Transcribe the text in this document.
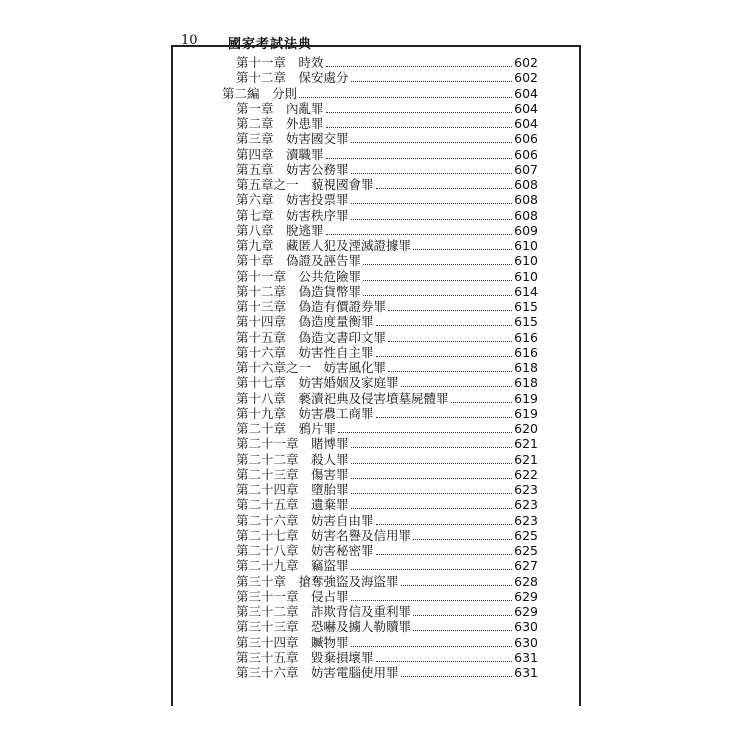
10 國家考試法典
第十一章　時效	602
第十二章　保安處分	602
第二編　分則	604
第一章　內亂罪	604
第二章　外患罪	604
第三章　妨害國交罪	606
第四章　瀆職罪	606
第五章　妨害公務罪	607
第五章之一　藐視國會罪	608
第六章　妨害投票罪	608
第七章　妨害秩序罪	608
第八章　脫逃罪	609
第九章　藏匿人犯及湮滅證據罪	610
第十章　偽證及誣告罪	610
第十一章　公共危險罪	610
第十二章　偽造貨幣罪	614
第十三章　偽造有價證券罪	615
第十四章　偽造度量衡罪	615
第十五章　偽造文書印文罪	616
第十六章　妨害性自主罪	616
第十六章之一　妨害風化罪	618
第十七章　妨害婚姻及家庭罪	618
第十八章　褻瀆祀典及侵害墳墓屍體罪	619
第十九章　妨害農工商罪	619
第二十章　鴉片罪	620
第二十一章　賭博罪	621
第二十二章　殺人罪	621
第二十三章　傷害罪	622
第二十四章　墮胎罪	623
第二十五章　遺棄罪	623
第二十六章　妨害自由罪	623
第二十七章　妨害名譽及信用罪	625
第二十八章　妨害秘密罪	625
第二十九章　竊盜罪	627
第三十章　搶奪強盜及海盜罪	628
第三十一章　侵占罪	629
第三十二章　詐欺背信及重利罪	629
第三十三章　恐嚇及擄人勒贖罪	630
第三十四章　贓物罪	630
第三十五章　毀棄損壞罪	631
第三十六章　妨害電腦使用罪	631
